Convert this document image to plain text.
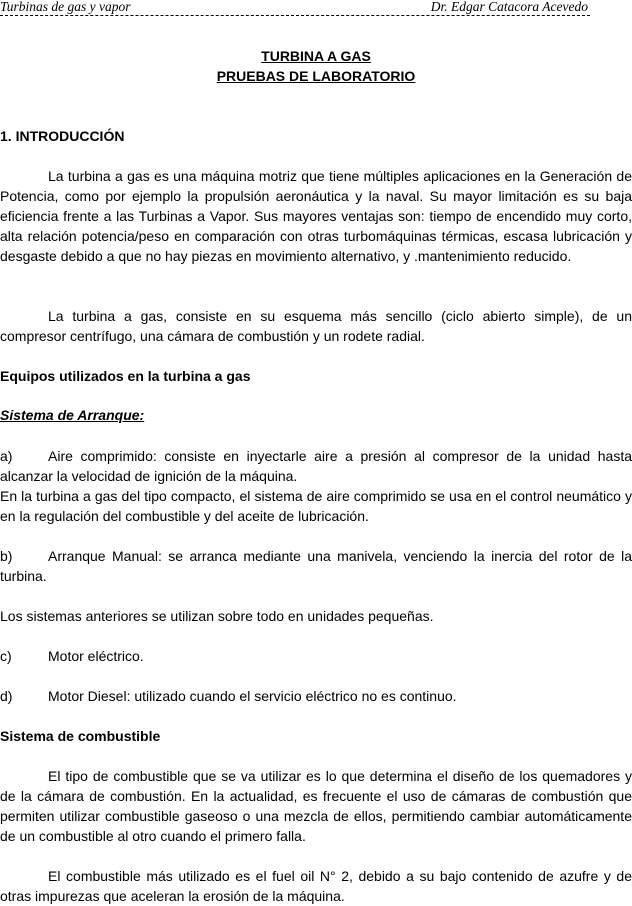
Turbinas de gas y vapor	Dr. Edgar Catacora Acevedo
TURBINA A GAS
PRUEBAS DE LABORATORIO
1. INTRODUCCIÓN
La turbina a gas es una máquina motriz que tiene múltiples aplicaciones en la Generación de Potencia, como por ejemplo la propulsión aeronáutica y la naval. Su mayor limitación es su baja eficiencia frente a las Turbinas a Vapor. Sus mayores ventajas son: tiempo de encendido muy corto, alta relación potencia/peso en comparación con otras turbomáquinas térmicas, escasa lubricación y desgaste debido a que no hay piezas en movimiento alternativo, y .mantenimiento reducido.
La turbina a gas, consiste en su esquema más sencillo (ciclo abierto simple), de un compresor centrífugo, una cámara de combustión y un rodete radial.
Equipos utilizados en la turbina a gas
Sistema de Arranque:
a)	Aire comprimido: consiste en inyectarle aire a presión al compresor de la unidad hasta alcanzar la velocidad de ignición de la máquina.
En la turbina a gas del tipo compacto, el sistema de aire comprimido se usa en el control neumático y en la regulación del combustible y del aceite de lubricación.
b)	Arranque Manual: se arranca mediante una manivela, venciendo la inercia del rotor de la turbina.
Los sistemas anteriores se utilizan sobre todo en unidades pequeñas.
c)	Motor eléctrico.
d)	Motor Diesel: utilizado cuando el servicio eléctrico no es continuo.
Sistema de combustible
El tipo de combustible que se va utilizar es lo que determina el diseño de los quemadores y de la cámara de combustión. En la actualidad, es frecuente el uso de cámaras de combustión que permiten utilizar combustible gaseoso o una mezcla de ellos, permitiendo cambiar automáticamente de un combustible al otro cuando el primero falla.
El combustible más utilizado es el fuel oil N° 2, debido a su bajo contenido de azufre y de otras impurezas que aceleran la erosión de la máquina.
